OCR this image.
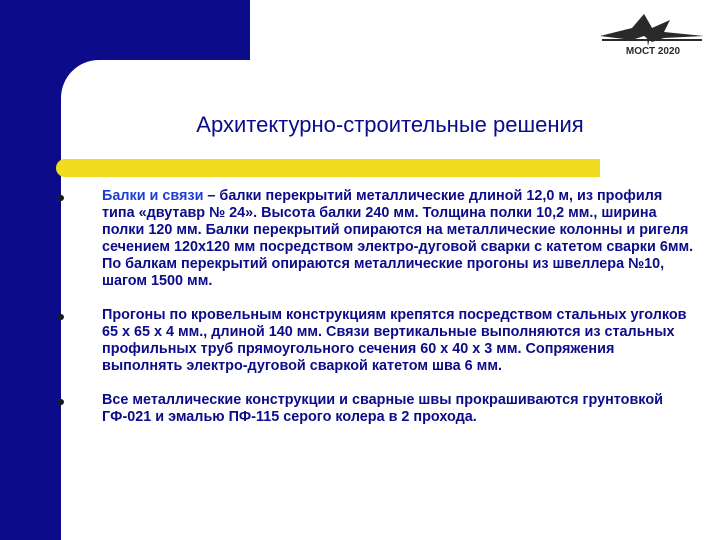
МОСТ 2020
Архитектурно-строительные решения
Балки и связи – балки перекрытий металлические длиной 12,0 м, из профиля типа «двутавр № 24». Высота балки 240 мм. Толщина полки 10,2 мм., ширина полки 120 мм. Балки перекрытий опираются на металлические колонны и ригеля сечением 120х120 мм посредством электро-дуговой сварки с катетом сварки 6мм. По балкам перекрытий опираются металлические прогоны из швеллера №10, шагом 1500 мм.
Прогоны по кровельным конструкциям крепятся посредством стальных уголков 65 х 65 х 4 мм., длиной 140 мм. Связи вертикальные выполняются из стальных профильных труб прямоугольного сечения 60 х 40 х 3 мм. Сопряжения выполнять электро-дуговой сваркой катетом шва 6 мм.
Все металлические конструкции и сварные швы прокрашиваются грунтовкой ГФ-021 и эмалью ПФ-115 серого колера в 2 прохода.
